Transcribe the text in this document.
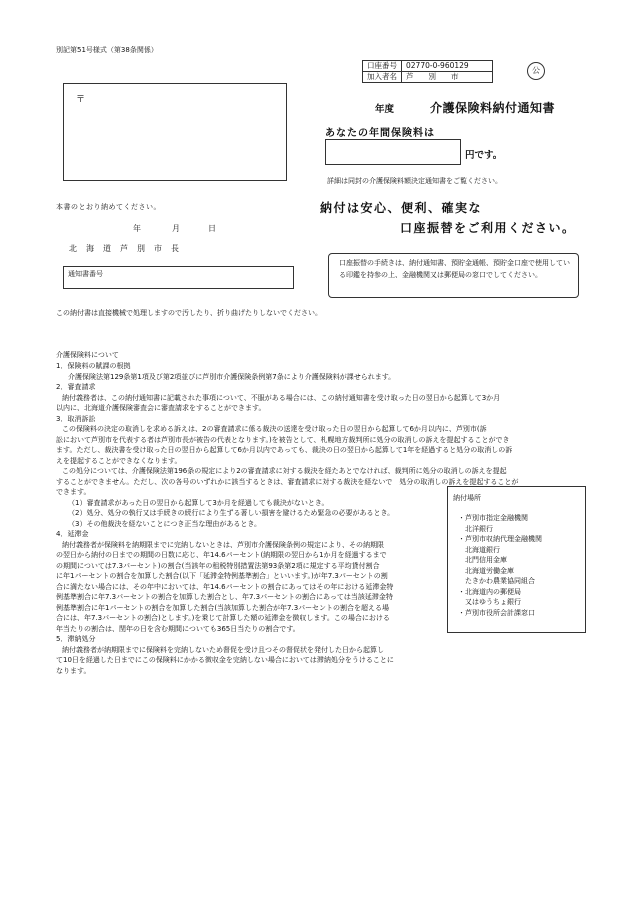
別記第51号様式（第38条関係）
口座番号	02770-0-960129
加入者名	芦　　別　　市
公
〒
年度	介護保険料納付通知書
あなたの年間保険料は
円です。
詳細は同封の介護保険料額決定通知書をご覧ください。
本書のとおり納めてください。
年	月	日
北海道芦別市長
納付は安心、便利、確実な
口座振替をご利用ください。
通知書番号
口座振替の手続きは、納付通知書、預貯金通帳、預貯金口座で使用している印鑑を持参の上、金融機関又は郵便局の窓口でしてください。
この納付書は直接機械で処理しますので汚したり、折り曲げたりしないでください。
介護保険料について
1．保険料の賦課の根拠
介護保険法第129条第1項及び第2項並びに芦別市介護保険条例第7条により介護保険料が課せられます。
2．審査請求
納付義務者は、この納付通知書に記載された事項について、不服がある場合には、この納付通知書を受け取った日の翌日から起算して3か月
以内に、北海道介護保険審査会に審査請求をすることができます。
3．取消訴訟
この保険料の決定の取消しを求める訴えは、2の審査請求に係る裁決の送達を受け取った日の翌日から起算して6か月以内に、芦別市(訴
訟において芦別市を代表する者は芦別市長が被告の代表となります。)を被告として、札幌地方裁判所に処分の取消しの訴えを提起することができ
ます。ただし、裁決書を受け取った日の翌日から起算して6か月以内であっても、裁決の日の翌日から起算して1年を経過すると処分の取消しの訴
えを提起することができなくなります。
この処分については、介護保険法第196条の規定により2の審査請求に対する裁決を経たあとでなければ、裁判所に処分の取消しの訴えを提起
することができません。ただし、次の各号のいずれかに該当するときは、審査請求に対する裁決を経ないで　処分の取消しの訴えを提起することが
できます。
（1）審査請求があった日の翌日から起算して3か月を経過しても裁決がないとき。
（2）処分、処分の執行又は手続きの続行により生ずる著しい損害を避けるため緊急の必要があるとき。
（3）その他裁決を経ないことにつき正当な理由があるとき。
4．延滞金
納付義務者が保険料を納期限までに完納しないときは、芦別市介護保険条例の規定により、その納期限
の翌日から納付の日までの期間の日数に応じ、年14.6パーセント(納期限の翌日から1か月を経過するまで
の期間については7.3パーセント)の割合(当該年の租税特別措置法第93条第2項に規定する平均貸付割合
に年1パーセントの割合を加算した割合(以下「延滞金特例基準割合」といいます。)が年7.3パーセントの割
合に満たない場合には、その年中においては、年14.6パーセントの割合にあってはその年における延滞金特
例基準割合に年7.3パーセントの割合を加算した割合とし、年7.3パーセントの割合にあっては当該延滞金特
例基準割合に年1パーセントの割合を加算した割合(当該加算した割合が年7.3パーセントの割合を超える場
合には、年7.3パーセントの割合)とします。)を乗じて計算した額の延滞金を徴収します。この場合における
年当たりの割合は、閏年の日を含む期間についても365日当たりの割合です。
5．滞納処分
納付義務者が納期限までに保険料を完納しないため督促を受け且つその督促状を発付した日から起算し
て10日を経過した日までにこの保険料にかかる徴収金を完納しない場合においては滞納処分をうけることに
なります。
納付場所
・芦別市指定金融機関
　北洋銀行
・芦別市収納代理金融機関
　北海道銀行
　北門信用金庫
　北海道労働金庫
　たきかわ農業協同組合
・北海道内の郵便局
　又はゆうちょ銀行
・芦別市役所会計課窓口
